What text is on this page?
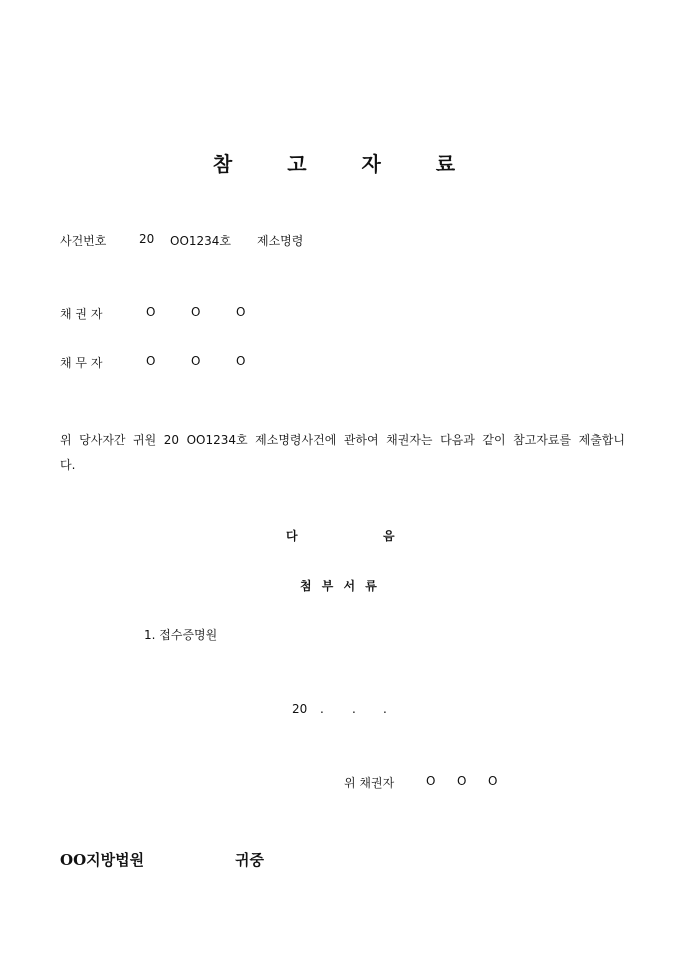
참 고 자 료
사건번호	20 OO1234호 제소명령
채 권 자	O	O	O
채 무 자	O	O	O
위 당사자간 귀원 20 OO1234호 제소명령사건에 관하여 채권자는 다음과 같이 참고자료를 제출합니다.
다	음
첨 부 서 류
1. 접수증명원
20 . . .
위 채권자	O O O
OO지방법원	귀중
